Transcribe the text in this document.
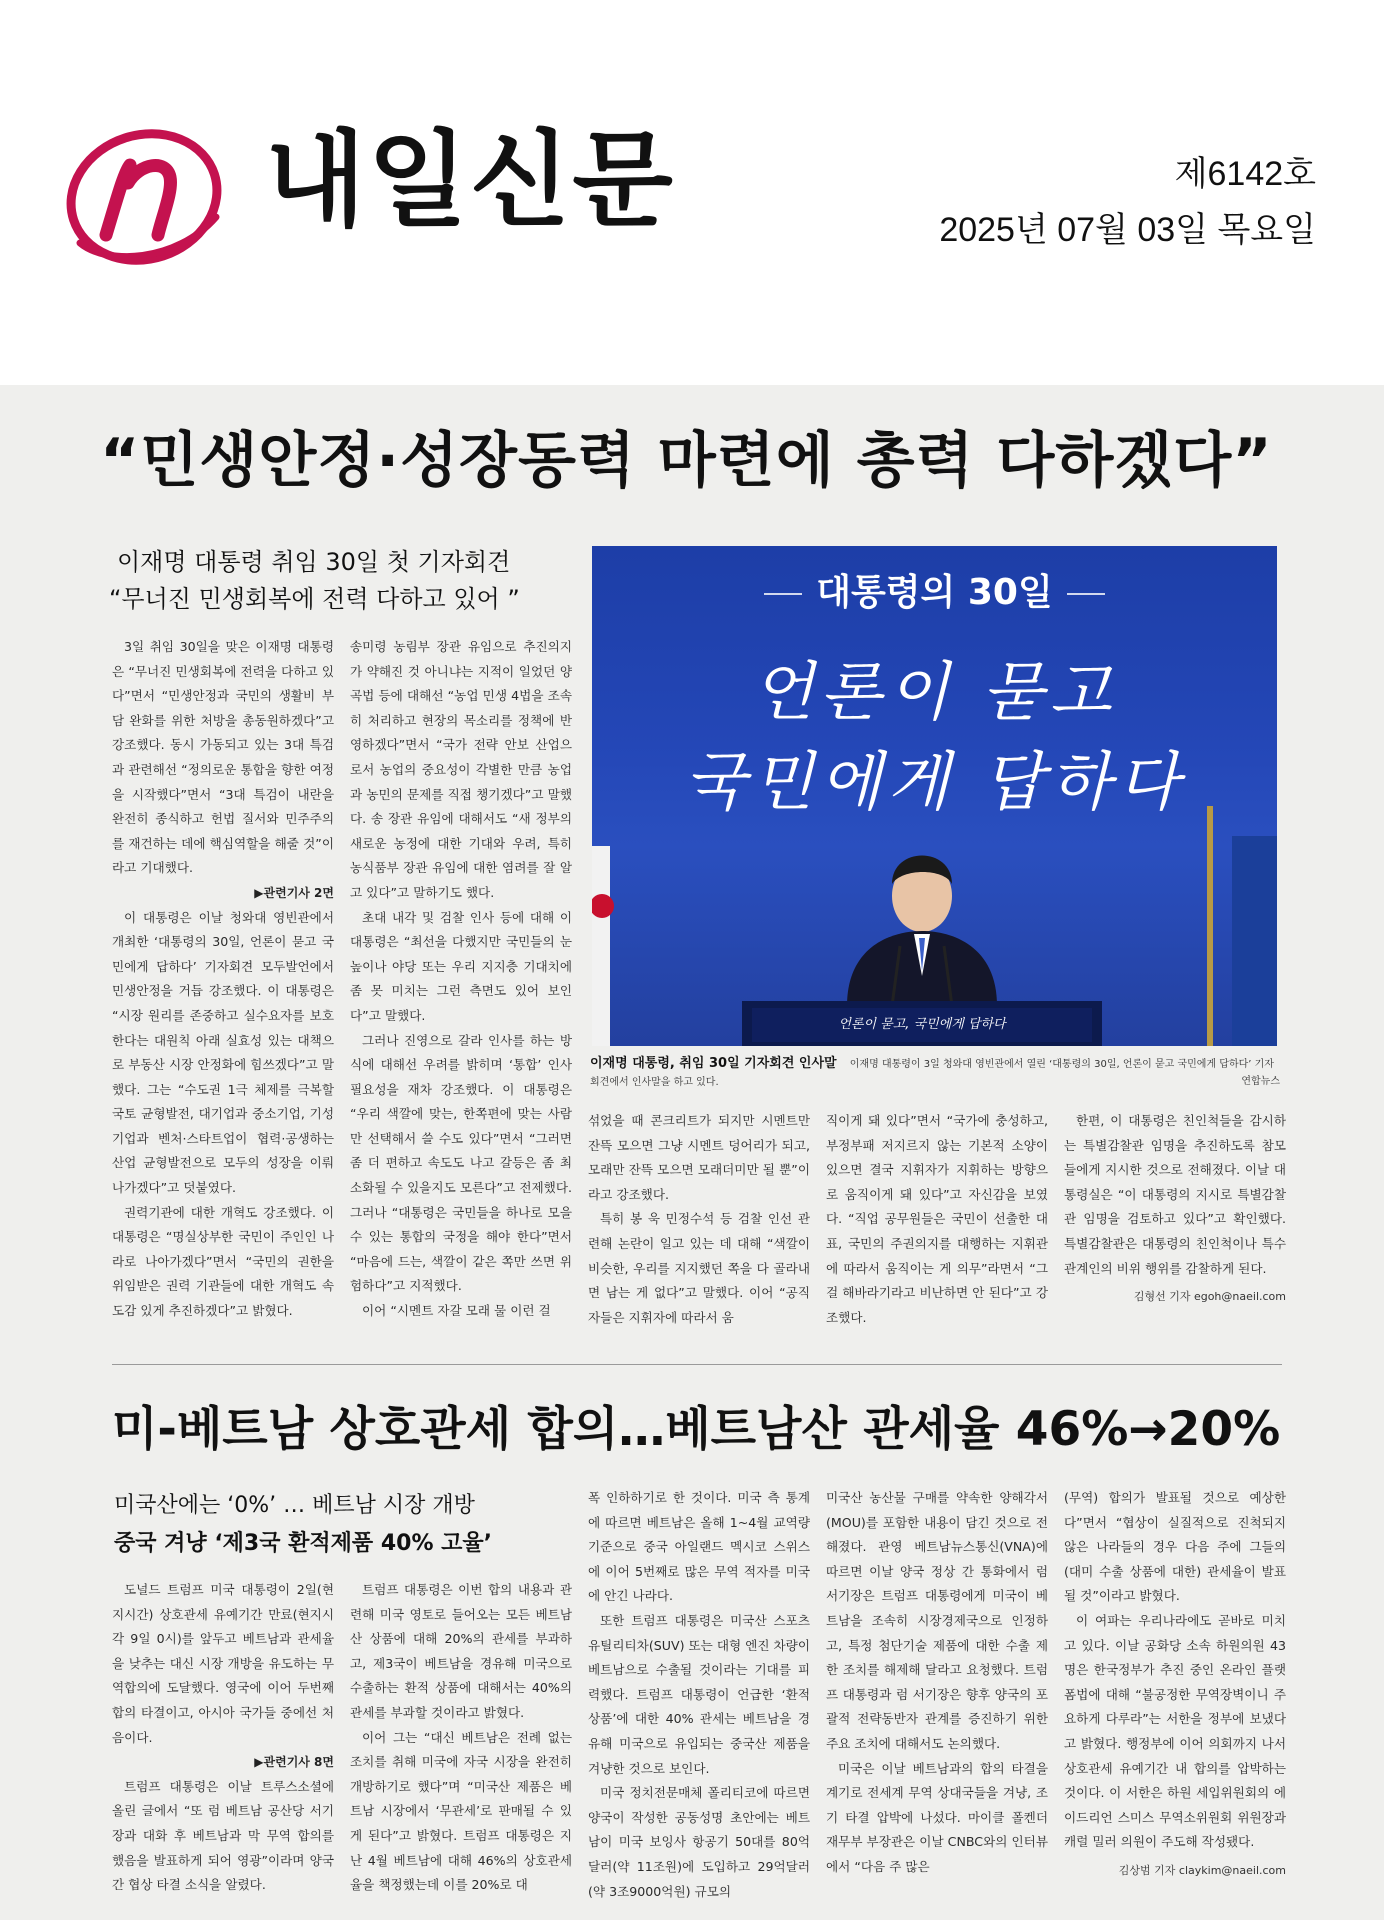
내일신문	제6142호
2025년 07월 03일 목요일
“민생안정·성장동력 마련에 총력 다하겠다”
이재명 대통령 취임 30일 첫 기자회견
“무너진 민생회복에 전력 다하고 있어 ”

3일 취임 30일을 맞은 이재명 대통령은 “무너진 민생회복에 전력을 다하고 있다”면서 “민생안정과 국민의 생활비 부담 완화를 위한 처방을 총동원하겠다”고 강조했다. 동시 가동되고 있는 3대 특검과 관련해선 “정의로운 통합을 향한 여정을 시작했다”면서 “3대 특검이 내란을 완전히 종식하고 헌법 질서와 민주주의를 재건하는 데에 핵심역할을 해줄 것”이라고 기대했다.

▶관련기사 2면

이 대통령은 이날 청와대 영빈관에서 개최한 ‘대통령의 30일, 언론이 묻고 국민에게 답하다’ 기자회견 모두발언에서 민생안정을 거듭 강조했다. 이 대통령은 “시장 원리를 존중하고 실수요자를 보호한다는 대원칙 아래 실효성 있는 대책으로 부동산 시장 안정화에 힘쓰겠다”고 말했다. 그는 “수도권 1극 체제를 극복할 국토 균형발전, 대기업과 중소기업, 기성기업과 벤처·스타트업이 협력·공생하는 산업 균형발전으로 모두의 성장을 이뤄나가겠다”고 덧붙였다.

권력기관에 대한 개혁도 강조했다. 이 대통령은 “명실상부한 국민이 주인인 나라로 나아가겠다”면서 “국민의 권한을 위임받은 권력 기관들에 대한 개혁도 속도감 있게 추진하겠다”고 밝혔다.

송미령 농림부 장관 유임으로 추진의지가 약해진 것 아니냐는 지적이 일었던 양곡법 등에 대해선 “농업 민생 4법을 조속히 처리하고 현장의 목소리를 정책에 반영하겠다”면서 “국가 전략 안보 산업으로서 농업의 중요성이 각별한 만큼 농업과 농민의 문제를 직접 챙기겠다”고 말했다. 송 장관 유임에 대해서도 “새 정부의 새로운 농정에 대한 기대와 우려, 특히 농식품부 장관 유임에 대한 염려를 잘 알고 있다”고 말하기도 했다.

초대 내각 및 검찰 인사 등에 대해 이 대통령은 “최선을 다했지만 국민들의 눈높이나 야당 또는 우리 지지층 기대치에 좀 못 미치는 그런 측면도 있어 보인다”고 말했다.

그러나 진영으로 갈라 인사를 하는 방식에 대해선 우려를 밝히며 ‘통합’ 인사 필요성을 재차 강조했다. 이 대통령은 “우리 색깔에 맞는, 한쪽편에 맞는 사람만 선택해서 쓸 수도 있다”면서 “그러면 좀 더 편하고 속도도 나고 갈등은 좀 최소화될 수 있을지도 모른다”고 전제했다. 그러나 “대통령은 국민들을 하나로 모을 수 있는 통합의 국정을 해야 한다”면서 “마음에 드는, 색깔이 같은 쪽만 쓰면 위험하다”고 지적했다.

이어 “시멘트 자갈 모래 물 이런 걸

대통령의 30일
언론이 묻고
국민에게 답하다
언론이 묻고, 국민에게 답하다
이재명 대통령, 취임 30일 기자회견 인사말 이재명 대통령이 3일 청와대 영빈관에서 열린 ‘대통령의 30일, 언론이 묻고 국민에게 답하다’ 기자회견에서 인사말을 하고 있다.	연합뉴스

섞었을 때 콘크리트가 되지만 시멘트만 잔뜩 모으면 그냥 시멘트 덩어리가 되고, 모래만 잔뜩 모으면 모래더미만 될 뿐”이라고 강조했다.

특히 봉 욱 민정수석 등 검찰 인선 관련해 논란이 일고 있는 데 대해 “색깔이 비슷한, 우리를 지지했던 쪽을 다 골라내면 남는 게 없다”고 말했다. 이어 “공직자들은 지휘자에 따라서 움

직이게 돼 있다”면서 “국가에 충성하고, 부정부패 저지르지 않는 기본적 소양이 있으면 결국 지휘자가 지휘하는 방향으로 움직이게 돼 있다”고 자신감을 보였다. “직업 공무원들은 국민이 선출한 대표, 국민의 주권의지를 대행하는 지휘관에 따라서 움직이는 게 의무”라면서 “그걸 해바라기라고 비난하면 안 된다”고 강조했다.

한편, 이 대통령은 친인척들을 감시하는 특별감찰관 임명을 추진하도록 참모들에게 지시한 것으로 전해졌다. 이날 대통령실은 “이 대통령의 지시로 특별감찰관 임명을 검토하고 있다”고 확인했다. 특별감찰관은 대통령의 친인척이나 특수관계인의 비위 행위를 감찰하게 된다.

김형선 기자 egoh@naeil.com
미-베트남 상호관세 합의…베트남산 관세율 46%→20%
미국산에는 ‘0%’ … 베트남 시장 개방
중국 겨냥 ‘제3국 환적제품 40% 고율’

도널드 트럼프 미국 대통령이 2일(현지시간) 상호관세 유예기간 만료(현지시각 9일 0시)를 앞두고 베트남과 관세율을 낮추는 대신 시장 개방을 유도하는 무역합의에 도달했다. 영국에 이어 두번째 합의 타결이고, 아시아 국가들 중에선 처음이다.

▶관련기사 8면

트럼프 대통령은 이날 트루스소셜에 올린 글에서 “또 럼 베트남 공산당 서기장과 대화 후 베트남과 막 무역 합의를 했음을 발표하게 되어 영광”이라며 양국간 협상 타결 소식을 알렸다.

트럼프 대통령은 이번 합의 내용과 관련해 미국 영토로 들어오는 모든 베트남산 상품에 대해 20%의 관세를 부과하고, 제3국이 베트남을 경유해 미국으로 수출하는 환적 상품에 대해서는 40%의 관세를 부과할 것이라고 밝혔다.

이어 그는 “대신 베트남은 전례 없는 조치를 취해 미국에 자국 시장을 완전히 개방하기로 했다”며 “미국산 제품은 베트남 시장에서 ‘무관세’로 판매될 수 있게 된다”고 밝혔다. 트럼프 대통령은 지난 4월 베트남에 대해 46%의 상호관세율을 책정했는데 이를 20%로 대

폭 인하하기로 한 것이다. 미국 측 통계에 따르면 베트남은 올해 1~4월 교역량 기준으로 중국 아일랜드 멕시코 스위스에 이어 5번째로 많은 무역 적자를 미국에 안긴 나라다.

또한 트럼프 대통령은 미국산 스포츠유틸리티차(SUV) 또는 대형 엔진 차량이 베트남으로 수출될 것이라는 기대를 피력했다. 트럼프 대통령이 언급한 ‘환적 상품’에 대한 40% 관세는 베트남을 경유해 미국으로 유입되는 중국산 제품을 겨냥한 것으로 보인다.

미국 정치전문매체 폴리티코에 따르면 양국이 작성한 공동성명 초안에는 베트남이 미국 보잉사 항공기 50대를 80억달러(약 11조원)에 도입하고 29억달러(약 3조9000억원) 규모의

미국산 농산물 구매를 약속한 양해각서(MOU)를 포함한 내용이 담긴 것으로 전해졌다. 관영 베트남뉴스통신(VNA)에 따르면 이날 양국 정상 간 통화에서 럼 서기장은 트럼프 대통령에게 미국이 베트남을 조속히 시장경제국으로 인정하고, 특정 첨단기술 제품에 대한 수출 제한 조치를 해제해 달라고 요청했다. 트럼프 대통령과 럼 서기장은 향후 양국의 포괄적 전략동반자 관계를 증진하기 위한 주요 조치에 대해서도 논의했다.

미국은 이날 베트남과의 합의 타결을 계기로 전세계 무역 상대국들을 겨냥, 조기 타결 압박에 나섰다. 마이클 폴켄더 재무부 부장관은 이날 CNBC와의 인터뷰에서 “다음 주 많은

(무역) 합의가 발표될 것으로 예상한다”면서 “협상이 실질적으로 진척되지 않은 나라들의 경우 다음 주에 그들의 (대미 수출 상품에 대한) 관세율이 발표될 것”이라고 밝혔다.

이 여파는 우리나라에도 곧바로 미치고 있다. 이날 공화당 소속 하원의원 43명은 한국정부가 추진 중인 온라인 플랫폼법에 대해 “불공정한 무역장벽이니 주요하게 다루라”는 서한을 정부에 보냈다고 밝혔다. 행정부에 이어 의회까지 나서 상호관세 유예기간 내 합의를 압박하는 것이다. 이 서한은 하원 세입위원회의 에이드리언 스미스 무역소위원회 위원장과 캐럴 밀러 의원이 주도해 작성됐다.

김상범 기자 claykim@naeil.com
